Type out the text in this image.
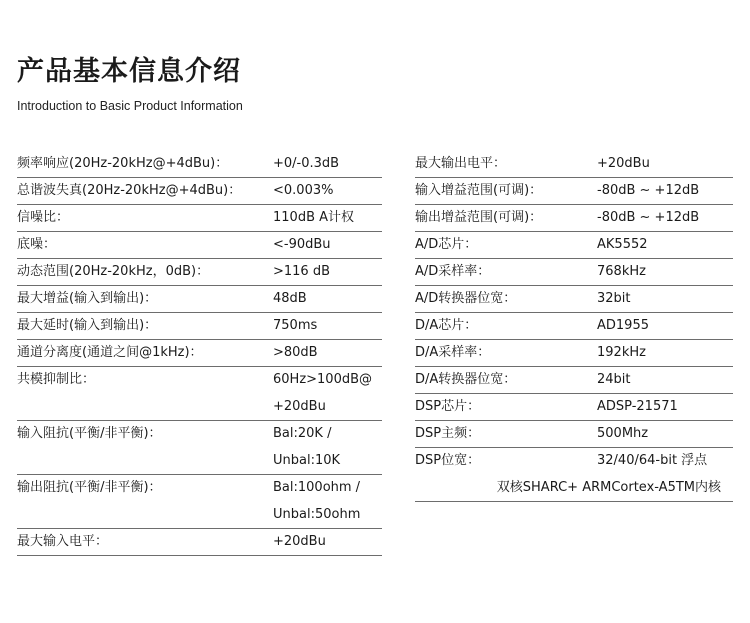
产品基本信息介绍
Introduction to Basic Product Information
频率响应(20Hz-20kHz@+4dBu)：	+0/-0.3dB
总谐波失真(20Hz-20kHz@+4dBu)：	<0.003%
信噪比：	110dB A计权
底噪：	<-90dBu
动态范围(20Hz-20kHz，0dB)：	>116 dB
最大增益(输入到输出)：	48dB
最大延时(输入到输出)：	750ms
通道分离度(通道之间@1kHz)：	>80dB
共模抑制比：	60Hz>100dB@
+20dBu
输入阻抗(平衡/非平衡)：	Bal:20K /
Unbal:10K
输出阻抗(平衡/非平衡)：	Bal:100ohm /
Unbal:50ohm
最大输入电平：	+20dBu
最大输出电平：	+20dBu
输入增益范围(可调)：	-80dB ~ +12dB
输出增益范围(可调)：	-80dB ~ +12dB
A/D芯片：	AK5552
A/D采样率：	768kHz
A/D转换器位宽：	32bit
D/A芯片：	AD1955
D/A采样率：	192kHz
D/A转换器位宽：	24bit
DSP芯片：	ADSP-21571
DSP主频：	500Mhz
DSP位宽：	32/40/64-bit 浮点
双核SHARC+ ARMCortex-A5TM内核
